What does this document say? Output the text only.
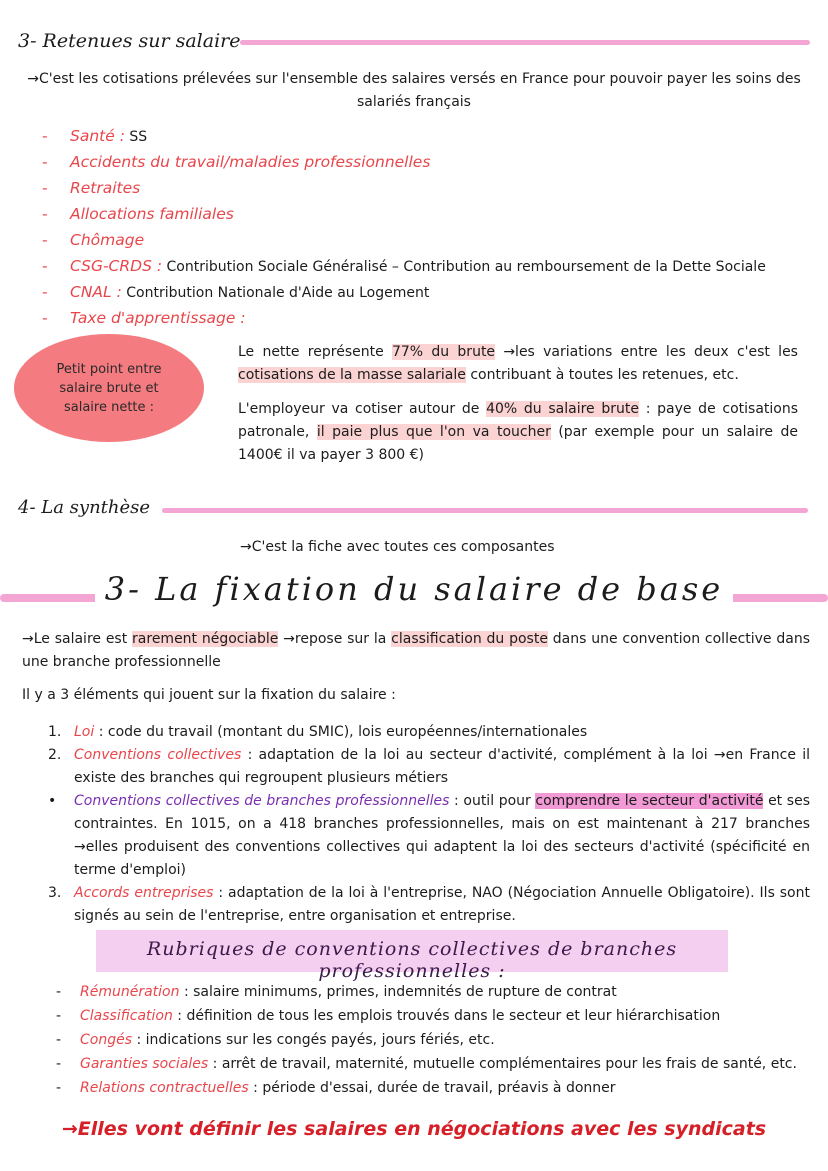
3- Retenues sur salaire
→C'est les cotisations prélevées sur l'ensemble des salaires versés en France pour pouvoir payer les soins des
salariés français
- Santé : SS
- Accidents du travail/maladies professionnelles
- Retraites
- Allocations familiales
- Chômage
- CSG-CRDS : Contribution Sociale Généralisé – Contribution au remboursement de la Dette Sociale
- CNAL : Contribution Nationale d'Aide au Logement
- Taxe d'apprentissage :
Petit point entre salaire brute et salaire nette :
Le nette représente 77% du brute →les variations entre les deux c'est les cotisations de la masse salariale contribuant à toutes les retenues, etc.
L'employeur va cotiser autour de 40% du salaire brute : paye de cotisations patronale, il paie plus que l'on va toucher (par exemple pour un salaire de 1400€ il va payer 3 800 €)
4- La synthèse
→C'est la fiche avec toutes ces composantes
3- La fixation du salaire de base
→Le salaire est rarement négociable →repose sur la classification du poste dans une convention collective dans une branche professionnelle
Il y a 3 éléments qui jouent sur la fixation du salaire :
1. Loi : code du travail (montant du SMIC), lois européennes/internationales
2. Conventions collectives : adaptation de la loi au secteur d'activité, complément à la loi →en France il existe des branches qui regroupent plusieurs métiers
• Conventions collectives de branches professionnelles : outil pour comprendre le secteur d'activité et ses contraintes. En 1015, on a 418 branches professionnelles, mais on est maintenant à 217 branches →elles produisent des conventions collectives qui adaptent la loi des secteurs d'activité (spécificité en terme d'emploi)
3. Accords entreprises : adaptation de la loi à l'entreprise, NAO (Négociation Annuelle Obligatoire). Ils sont signés au sein de l'entreprise, entre organisation et entreprise.
Rubriques de conventions collectives de branches professionnelles :
- Rémunération : salaire minimums, primes, indemnités de rupture de contrat
- Classification : définition de tous les emplois trouvés dans le secteur et leur hiérarchisation
- Congés : indications sur les congés payés, jours fériés, etc.
- Garanties sociales : arrêt de travail, maternité, mutuelle complémentaires pour les frais de santé, etc.
- Relations contractuelles : période d'essai, durée de travail, préavis à donner
→Elles vont définir les salaires en négociations avec les syndicats
